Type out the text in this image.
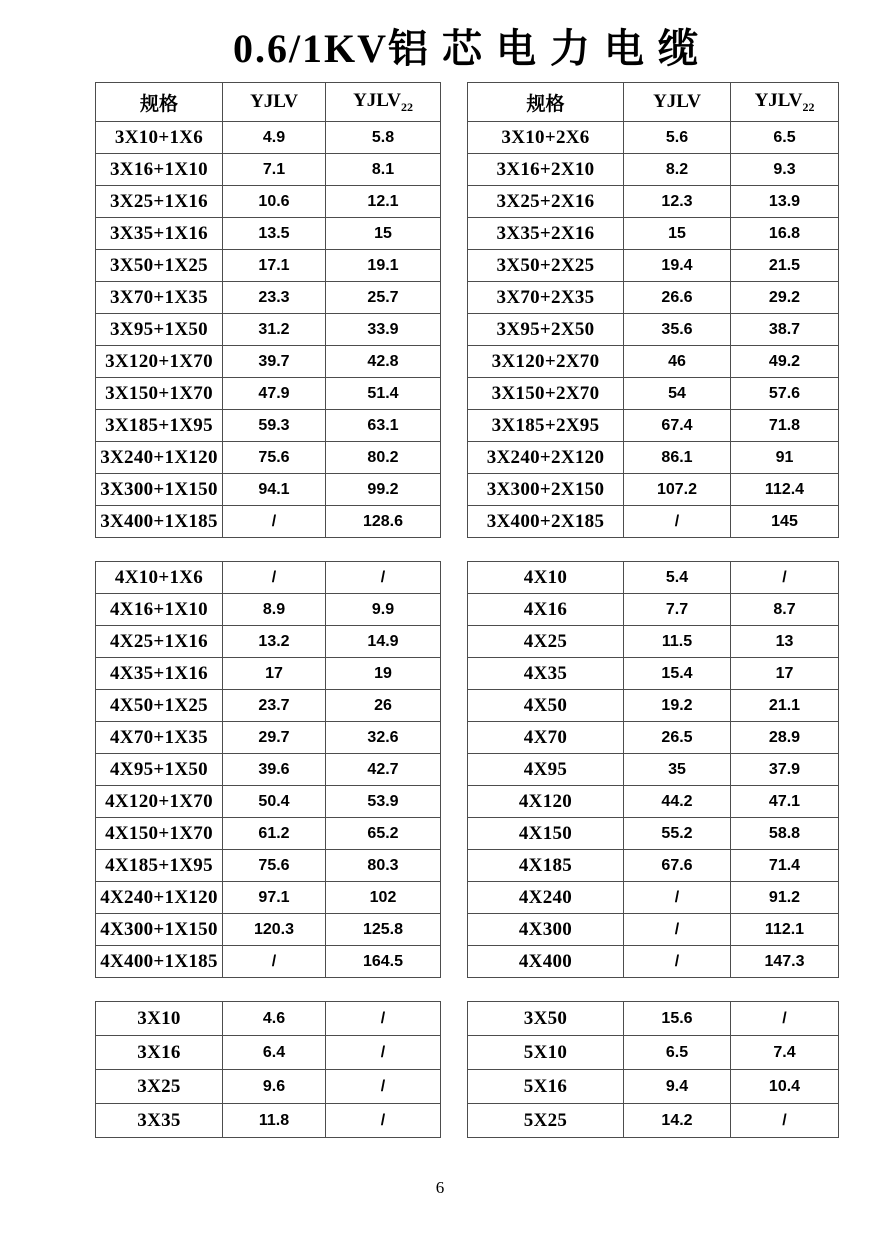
0.6/1KV铝 芯 电 力 电 缆
规格	YJLV	$YJLV_{22}$
3X10+1X6	4.9	5.8
3X16+1X10	7.1	8.1
3X25+1X16	10.6	12.1
3X35+1X16	13.5	15
3X50+1X25	17.1	19.1
3X70+1X35	23.3	25.7
3X95+1X50	31.2	33.9
3X120+1X70	39.7	42.8
3X150+1X70	47.9	51.4
3X185+1X95	59.3	63.1
3X240+1X120	75.6	80.2
3X300+1X150	94.1	99.2
3X400+1X185	/	128.6
4X10+1X6	/	/
4X16+1X10	8.9	9.9
4X25+1X16	13.2	14.9
4X35+1X16	17	19
4X50+1X25	23.7	26
4X70+1X35	29.7	32.6
4X95+1X50	39.6	42.7
4X120+1X70	50.4	53.9
4X150+1X70	61.2	65.2
4X185+1X95	75.6	80.3
4X240+1X120	97.1	102
4X300+1X150	120.3	125.8
4X400+1X185	/	164.5
3X10	4.6	/
3X16	6.4	/
3X25	9.6	/
3X35	11.8	/
规格	YJLV	$YJLV_{22}$
3X10+2X6	5.6	6.5
3X16+2X10	8.2	9.3
3X25+2X16	12.3	13.9
3X35+2X16	15	16.8
3X50+2X25	19.4	21.5
3X70+2X35	26.6	29.2
3X95+2X50	35.6	38.7
3X120+2X70	46	49.2
3X150+2X70	54	57.6
3X185+2X95	67.4	71.8
3X240+2X120	86.1	91
3X300+2X150	107.2	112.4
3X400+2X185	/	145
4X10	5.4	/
4X16	7.7	8.7
4X25	11.5	13
4X35	15.4	17
4X50	19.2	21.1
4X70	26.5	28.9
4X95	35	37.9
4X120	44.2	47.1
4X150	55.2	58.8
4X185	67.6	71.4
4X240	/	91.2
4X300	/	112.1
4X400	/	147.3
3X50	15.6	/
5X10	6.5	7.4
5X16	9.4	10.4
5X25	14.2	/
6
